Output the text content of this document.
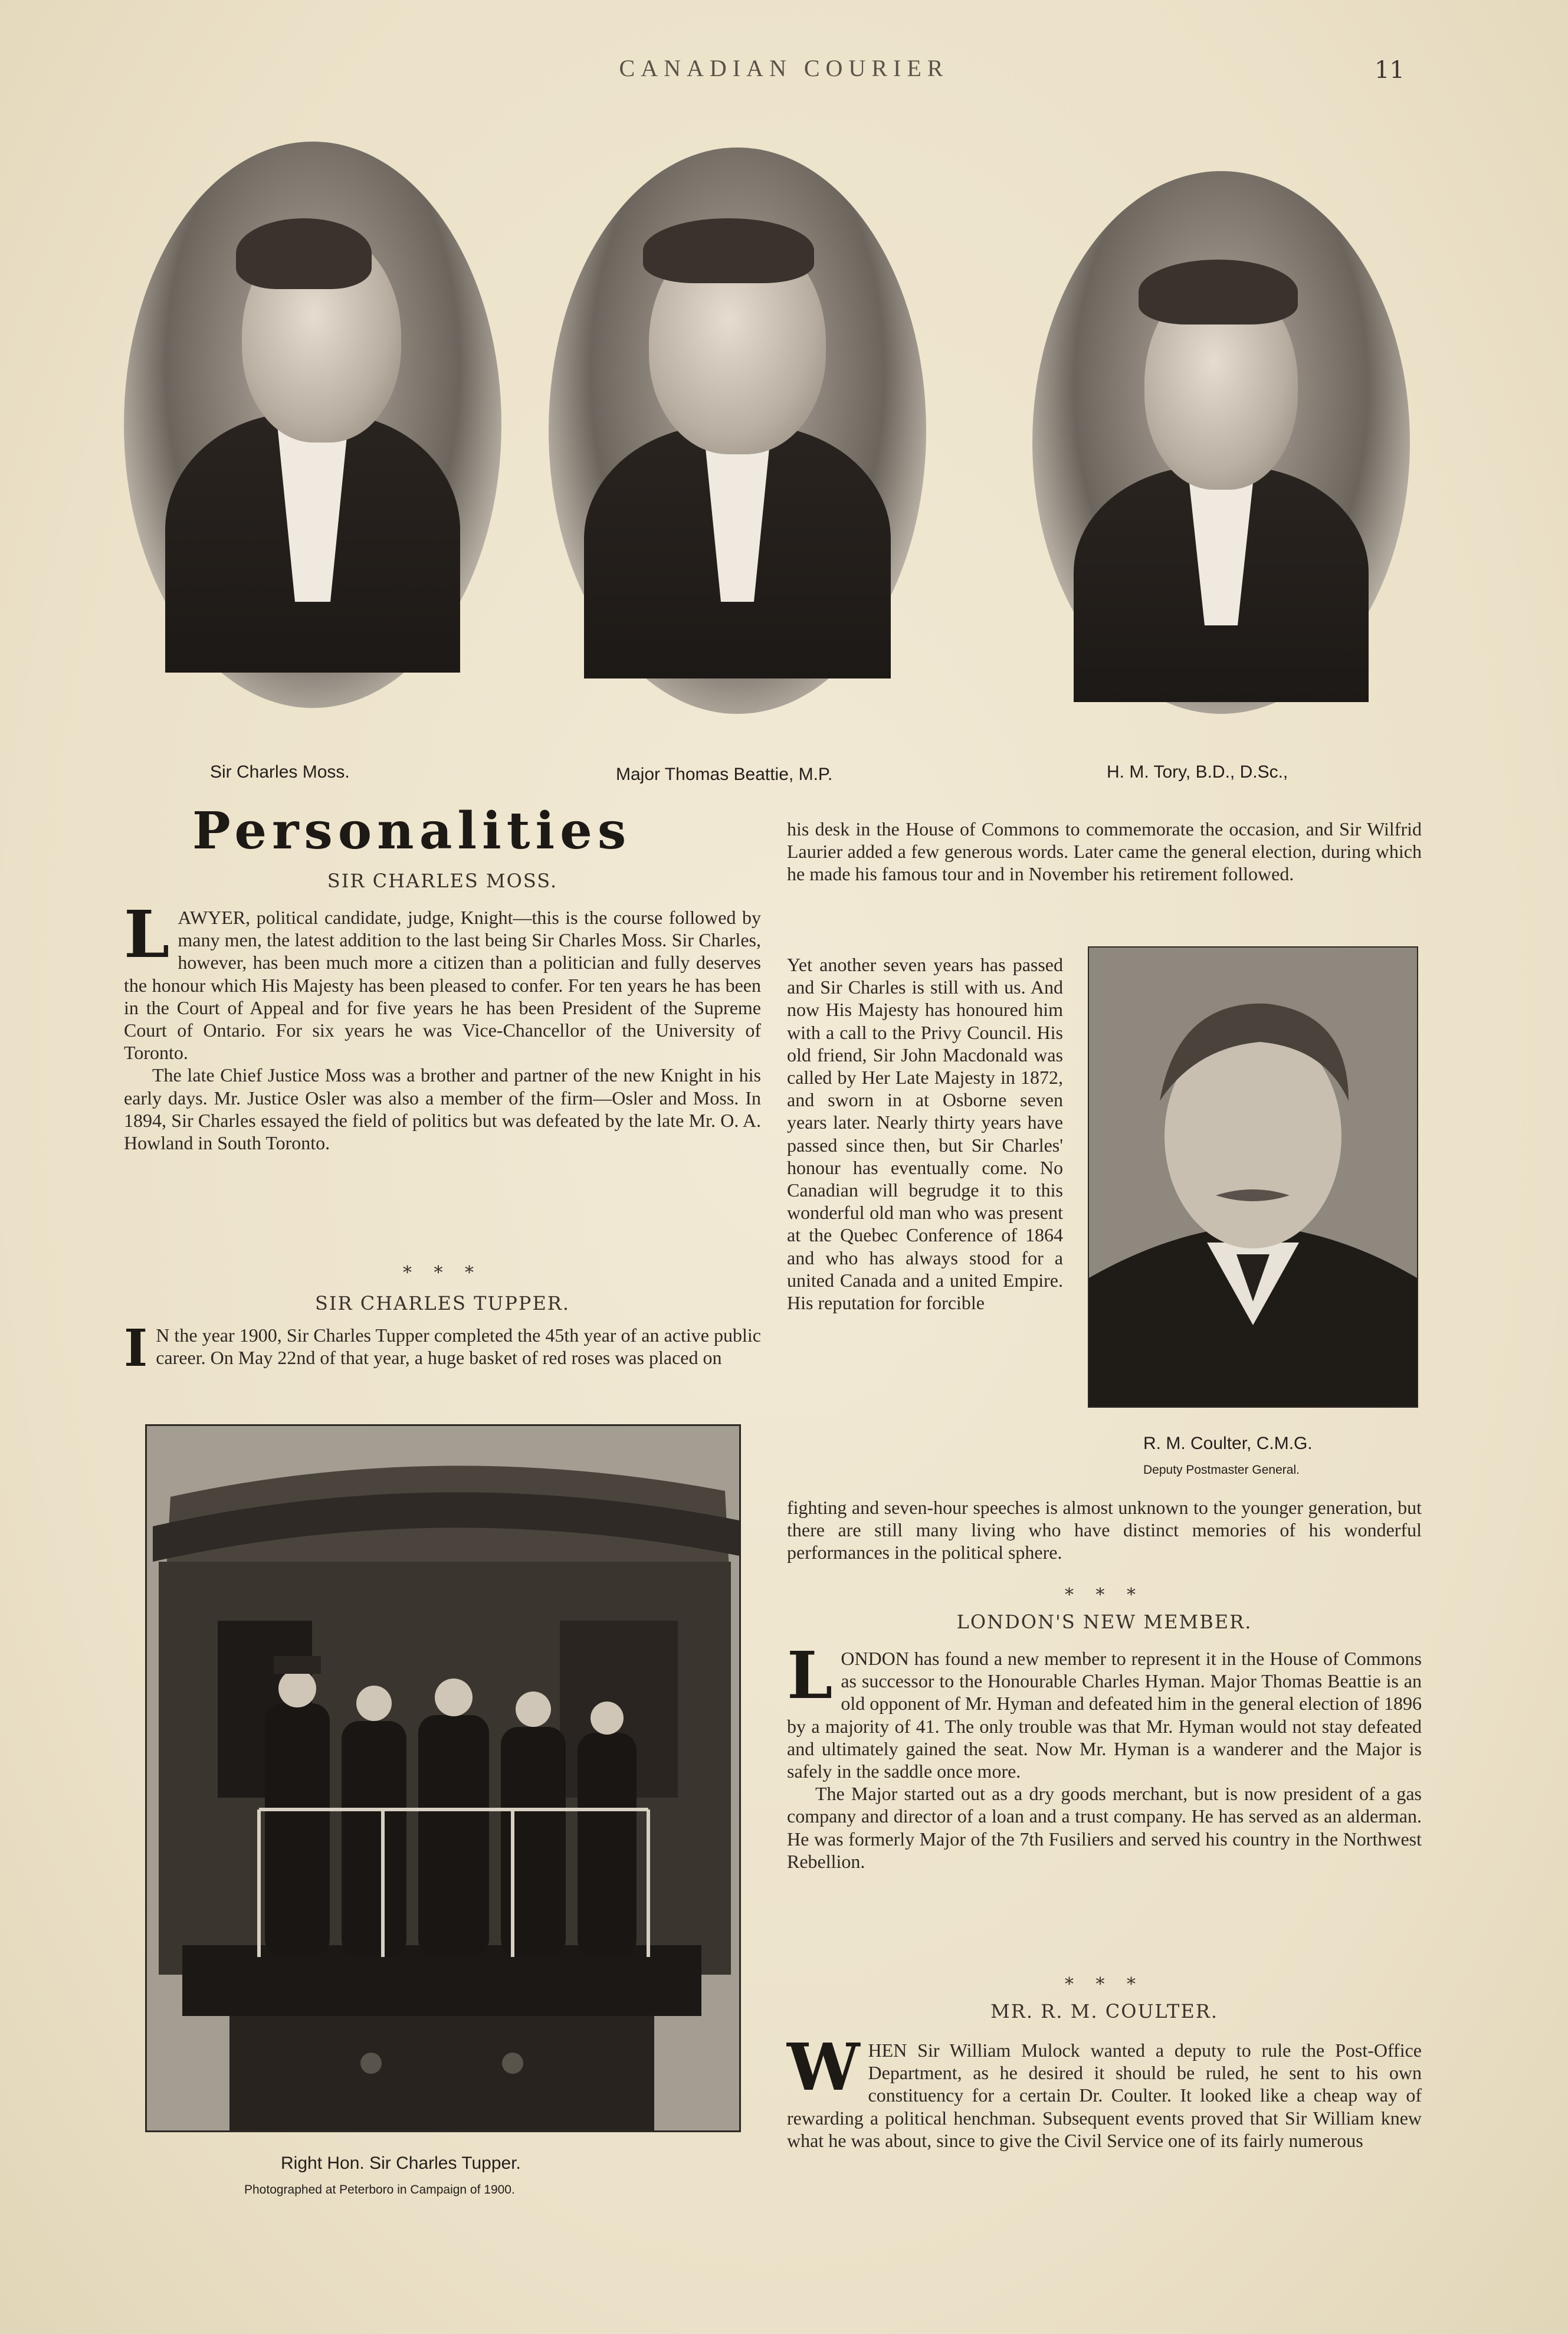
CANADIAN COURIER	11
Sir Charles Moss.	Major Thomas Beattie, M.P.	H. M. Tory, B.D., D.Sc.,
Personalities
SIR CHARLES MOSS.

LAWYER, political candidate, judge, Knight—this is the course followed by many men, the latest addition to the last being Sir Charles Moss. Sir Charles, however, has been much more a citizen than a politician and fully deserves the honour which His Majesty has been pleased to confer. For ten years he has been in the Court of Appeal and for five years he has been President of the Supreme Court of Ontario. For six years he was Vice-Chancellor of the University of Toronto.

The late Chief Justice Moss was a brother and partner of the new Knight in his early days. Mr. Justice Osler was also a member of the firm—Osler and Moss. In 1894, Sir Charles essayed the field of politics but was defeated by the late Mr. O. A. Howland in South Toronto.

* * *
SIR CHARLES TUPPER.

I N the year 1900, Sir Charles Tupper completed the 45th year of an active public career. On May 22nd of that year, a huge basket of red roses was placed on

Right Hon. Sir Charles Tupper.
Photographed at Peterboro in Campaign of 1900.

his desk in the House of Commons to commemorate the occasion, and Sir Wilfrid Laurier added a few generous words. Later came the general election, during which he made his famous tour and in November his retirement followed.

Yet another seven years has passed and Sir Charles is still with us. And now His Majesty has honoured him with a call to the Privy Council. His old friend, Sir John Macdonald was called by Her Late Majesty in 1872, and sworn in at Osborne seven years later. Nearly thirty years have passed since then, but Sir Charles' honour has eventually come. No Canadian will begrudge it to this wonderful old man who was present at the Quebec Conference of 1864 and who has always stood for a united Canada and a united Empire. His reputation for forcible

R. M. Coulter, C.M.G.
Deputy Postmaster General.

fighting and seven-hour speeches is almost unknown to the younger generation, but there are still many living who have distinct memories of his wonderful performances in the political sphere.

* * *
LONDON'S NEW MEMBER.

LONDON has found a new member to represent it in the House of Commons as successor to the Honourable Charles Hyman. Major Thomas Beattie is an old opponent of Mr. Hyman and defeated him in the general election of 1896 by a majority of 41. The only trouble was that Mr. Hyman would not stay defeated and ultimately gained the seat. Now Mr. Hyman is a wanderer and the Major is safely in the saddle once more.

The Major started out as a dry goods merchant, but is now president of a gas company and director of a loan and a trust company. He has served as an alderman. He was formerly Major of the 7th Fusiliers and served his country in the Northwest Rebellion.

* * *
MR. R. M. COULTER.

WHEN Sir William Mulock wanted a deputy to rule the Post-Office Department, as he desired it should be ruled, he sent to his own constituency for a certain Dr. Coulter. It looked like a cheap way of rewarding a political henchman. Subsequent events proved that Sir William knew what he was about, since to give the Civil Service one of its fairly numerous
